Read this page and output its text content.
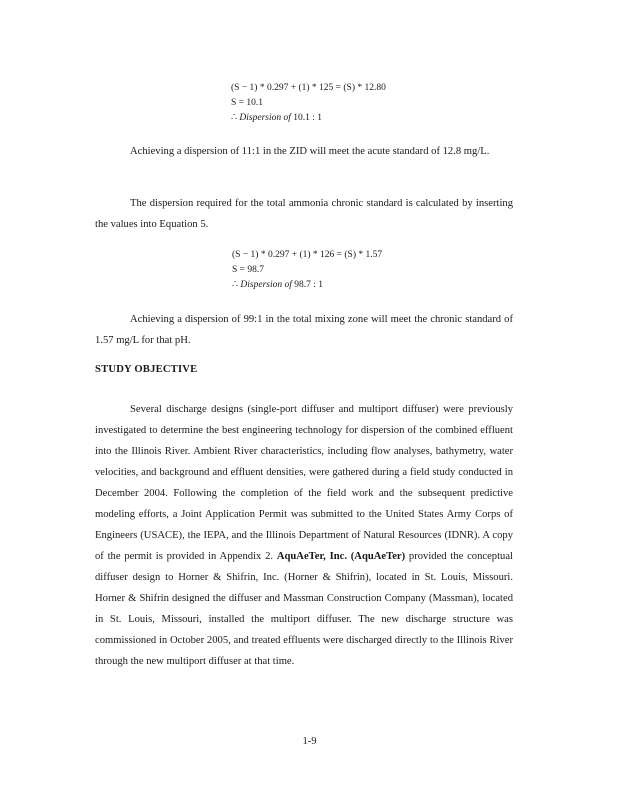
(S − 1) * 0.297 + (1) * 125 = (S) * 12.80
S = 10.1
∴ Dispersion of 10.1 : 1

Achieving a dispersion of 11:1 in the ZID will meet the acute standard of 12.8 mg/L.

The dispersion required for the total ammonia chronic standard is calculated by inserting the values into Equation 5.

(S − 1) * 0.297 + (1) * 126 = (S) * 1.57
S = 98.7
∴ Dispersion of 98.7 : 1

Achieving a dispersion of 99:1 in the total mixing zone will meet the chronic standard of 1.57 mg/L for that pH.

STUDY OBJECTIVE

Several discharge designs (single-port diffuser and multiport diffuser) were previously investigated to determine the best engineering technology for dispersion of the combined effluent into the Illinois River. Ambient River characteristics, including flow analyses, bathymetry, water velocities, and background and effluent densities, were gathered during a field study conducted in December 2004. Following the completion of the field work and the subsequent predictive modeling efforts, a Joint Application Permit was submitted to the United States Army Corps of Engineers (USACE), the IEPA, and the Illinois Department of Natural Resources (IDNR). A copy of the permit is provided in Appendix 2. AquAeTer, Inc. (AquAeTer) provided the conceptual diffuser design to Horner & Shifrin, Inc. (Horner & Shifrin), located in St. Louis, Missouri. Horner & Shifrin designed the diffuser and Massman Construction Company (Massman), located in St. Louis, Missouri, installed the multiport diffuser. The new discharge structure was commissioned in October 2005, and treated effluents were discharged directly to the Illinois River through the new multiport diffuser at that time.

1-9
